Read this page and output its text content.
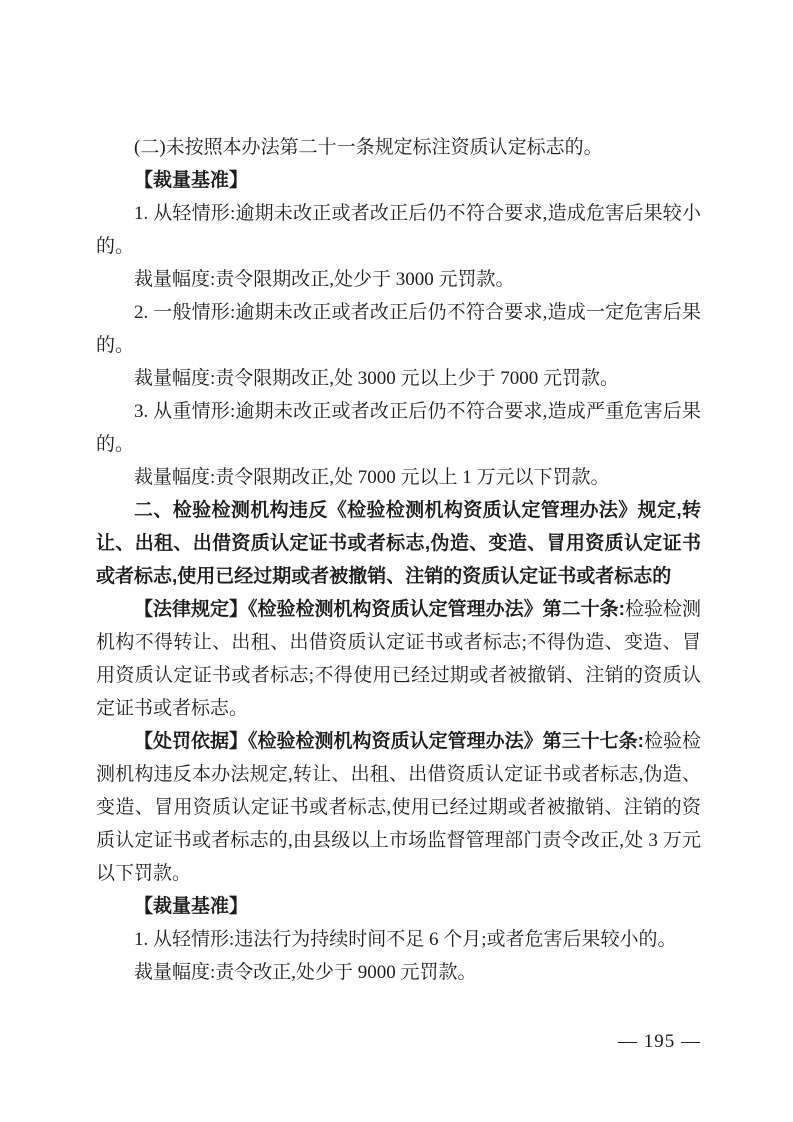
(二)未按照本办法第二十一条规定标注资质认定标志的。

【裁量基准】

1. 从轻情形:逾期未改正或者改正后仍不符合要求,造成危害后果较小的。

裁量幅度:责令限期改正,处少于 3000 元罚款。

2. 一般情形:逾期未改正或者改正后仍不符合要求,造成一定危害后果的。

裁量幅度:责令限期改正,处 3000 元以上少于 7000 元罚款。

3. 从重情形:逾期未改正或者改正后仍不符合要求,造成严重危害后果的。

裁量幅度:责令限期改正,处 7000 元以上 1 万元以下罚款。

二、检验检测机构违反《检验检测机构资质认定管理办法》规定,转让、出租、出借资质认定证书或者标志,伪造、变造、冒用资质认定证书或者标志,使用已经过期或者被撤销、注销的资质认定证书或者标志的

【法律规定】《检验检测机构资质认定管理办法》第二十条:检验检测机构不得转让、出租、出借资质认定证书或者标志;不得伪造、变造、冒用资质认定证书或者标志;不得使用已经过期或者被撤销、注销的资质认定证书或者标志。

【处罚依据】《检验检测机构资质认定管理办法》第三十七条:检验检测机构违反本办法规定,转让、出租、出借资质认定证书或者标志,伪造、变造、冒用资质认定证书或者标志,使用已经过期或者被撤销、注销的资质认定证书或者标志的,由县级以上市场监督管理部门责令改正,处 3 万元以下罚款。

【裁量基准】

1. 从轻情形:违法行为持续时间不足 6 个月;或者危害后果较小的。

裁量幅度:责令改正,处少于 9000 元罚款。

— 195 —
